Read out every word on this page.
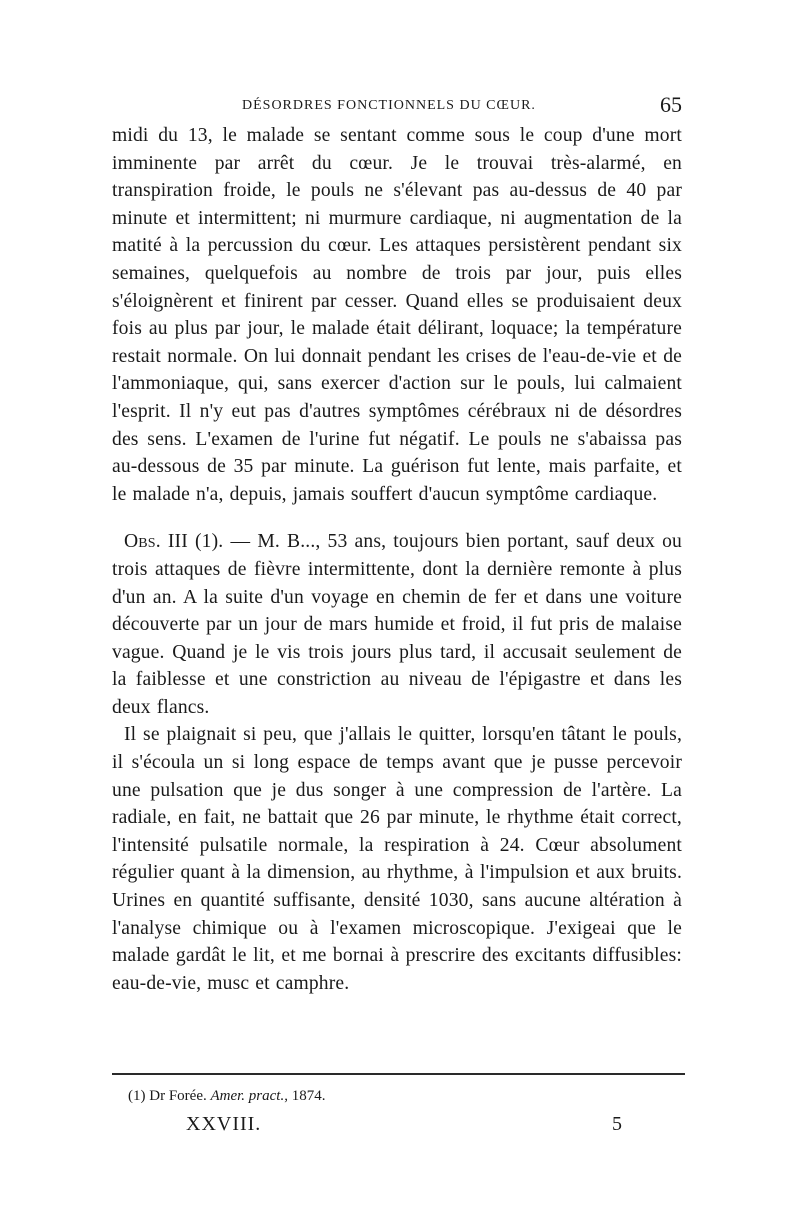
DÉSORDRES FONCTIONNELS DU CŒUR.	65

midi du 13, le malade se sentant comme sous le coup d'une mort imminente par arrêt du cœur. Je le trouvai très-alarmé, en transpiration froide, le pouls ne s'élevant pas au-dessus de 40 par minute et intermittent; ni murmure cardiaque, ni augmentation de la matité à la percussion du cœur. Les attaques persistèrent pendant six semaines, quelquefois au nombre de trois par jour, puis elles s'éloignèrent et finirent par cesser. Quand elles se produisaient deux fois au plus par jour, le malade était délirant, loquace; la température restait normale. On lui donnait pendant les crises de l'eau-de-vie et de l'ammoniaque, qui, sans exercer d'action sur le pouls, lui calmaient l'esprit. Il n'y eut pas d'autres symptômes cérébraux ni de désordres des sens. L'examen de l'urine fut négatif. Le pouls ne s'abaissa pas au-dessous de 35 par minute. La guérison fut lente, mais parfaite, et le malade n'a, depuis, jamais souffert d'aucun symptôme cardiaque.

Obs. III (1). — M. B..., 53 ans, toujours bien portant, sauf deux ou trois attaques de fièvre intermittente, dont la dernière remonte à plus d'un an. A la suite d'un voyage en chemin de fer et dans une voiture découverte par un jour de mars humide et froid, il fut pris de malaise vague. Quand je le vis trois jours plus tard, il accusait seulement de la faiblesse et une constriction au niveau de l'épigastre et dans les deux flancs.

Il se plaignait si peu, que j'allais le quitter, lorsqu'en tâtant le pouls, il s'écoula un si long espace de temps avant que je pusse percevoir une pulsation que je dus songer à une compression de l'artère. La radiale, en fait, ne battait que 26 par minute, le rhythme était correct, l'intensité pulsatile normale, la respiration à 24. Cœur absolument régulier quant à la dimension, au rhythme, à l'impulsion et aux bruits. Urines en quantité suffisante, densité 1030, sans aucune altération à l'analyse chimique ou à l'examen microscopique. J'exigeai que le malade gardât le lit, et me bornai à prescrire des excitants diffusibles: eau-de-vie, musc et camphre.

(1) Dr Forée. Amer. pract., 1874.
XXVIII.	5
